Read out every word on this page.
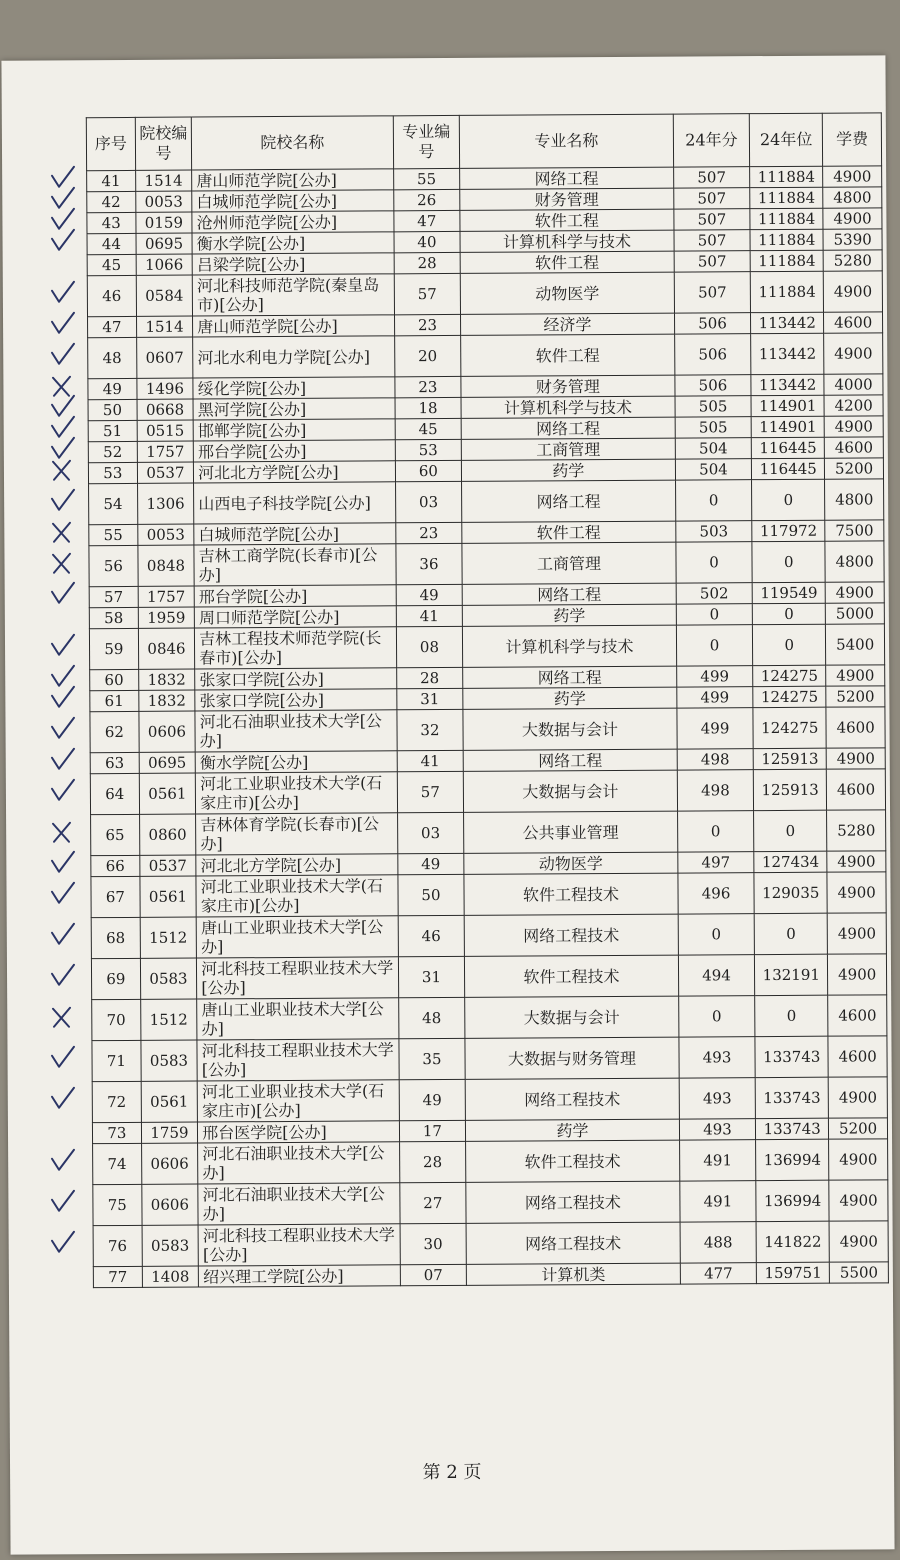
序号	院校编号	院校名称	专业编号	专业名称	24年分	24年位	学费
41	1514	唐山师范学院[公办]	55	网络工程	507	111884	4900
42	0053	白城师范学院[公办]	26	财务管理	507	111884	4800
43	0159	沧州师范学院[公办]	47	软件工程	507	111884	4900
44	0695	衡水学院[公办]	40	计算机科学与技术	507	111884	5390
45	1066	吕梁学院[公办]	28	软件工程	507	111884	5280
46	0584	河北科技师范学院(秦皇岛市)[公办]	57	动物医学	507	111884	4900
47	1514	唐山师范学院[公办]	23	经济学	506	113442	4600
48	0607	河北水利电力学院[公办]	20	软件工程	506	113442	4900
49	1496	绥化学院[公办]	23	财务管理	506	113442	4000
50	0668	黑河学院[公办]	18	计算机科学与技术	505	114901	4200
51	0515	邯郸学院[公办]	45	网络工程	505	114901	4900
52	1757	邢台学院[公办]	53	工商管理	504	116445	4600
53	0537	河北北方学院[公办]	60	药学	504	116445	5200
54	1306	山西电子科技学院[公办]	03	网络工程	0	0	4800
55	0053	白城师范学院[公办]	23	软件工程	503	117972	7500
56	0848	吉林工商学院(长春市)[公办]	36	工商管理	0	0	4800
57	1757	邢台学院[公办]	49	网络工程	502	119549	4900
58	1959	周口师范学院[公办]	41	药学	0	0	5000
59	0846	吉林工程技术师范学院(长春市)[公办]	08	计算机科学与技术	0	0	5400
60	1832	张家口学院[公办]	28	网络工程	499	124275	4900
61	1832	张家口学院[公办]	31	药学	499	124275	5200
62	0606	河北石油职业技术大学[公办]	32	大数据与会计	499	124275	4600
63	0695	衡水学院[公办]	41	网络工程	498	125913	4900
64	0561	河北工业职业技术大学(石家庄市)[公办]	57	大数据与会计	498	125913	4600
65	0860	吉林体育学院(长春市)[公办]	03	公共事业管理	0	0	5280
66	0537	河北北方学院[公办]	49	动物医学	497	127434	4900
67	0561	河北工业职业技术大学(石家庄市)[公办]	50	软件工程技术	496	129035	4900
68	1512	唐山工业职业技术大学[公办]	46	网络工程技术	0	0	4900
69	0583	河北科技工程职业技术大学[公办]	31	软件工程技术	494	132191	4900
70	1512	唐山工业职业技术大学[公办]	48	大数据与会计	0	0	4600
71	0583	河北科技工程职业技术大学[公办]	35	大数据与财务管理	493	133743	4600
72	0561	河北工业职业技术大学(石家庄市)[公办]	49	网络工程技术	493	133743	4900
73	1759	邢台医学院[公办]	17	药学	493	133743	5200
74	0606	河北石油职业技术大学[公办]	28	软件工程技术	491	136994	4900
75	0606	河北石油职业技术大学[公办]	27	网络工程技术	491	136994	4900
76	0583	河北科技工程职业技术大学[公办]	30	网络工程技术	488	141822	4900
77	1408	绍兴理工学院[公办]	07	计算机类	477	159751	5500
第 2 页
